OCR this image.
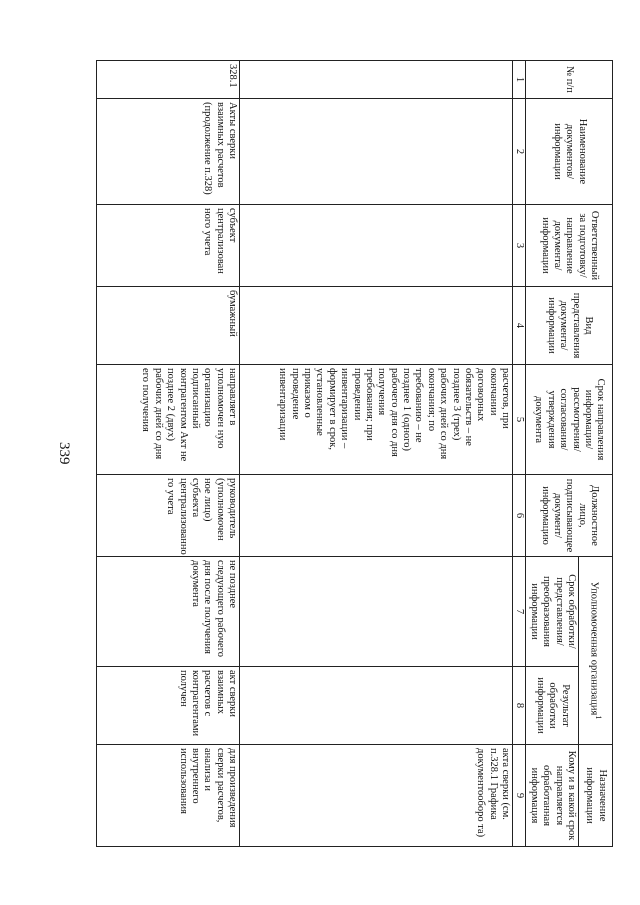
339
№ п/п	Наименование документов/ информации	Ответственный за подготовку/ направление документа/ информации	Вид представления документа/ информации	Срок направления информации/ рассмотрения/ согласования/ утверждения документа	Должностное лицо, подписывающее документ/ информацию	Уполномоченная организация$^1$		Назначение информации
						Срок обработки/ представления/ преобразования информации	Результат обработки информации	Кому и в какой срок направляется обработанная информация
1	2	3	4	5	6	7	8	9
				расчетов, при окончании договорных обязательств – не позднее 3 (трех) рабочих дней со дня окончания; по требованию – не позднее 1 (одного) рабочего дня со дня получения требования; при проведении инвентаризации – формирует в срок, установленные приказом о проведение инвентаризации				акта сверки (см. п.328.1 Графика документооборо та)
328.1	Акты сверки взаимных расчетов (продолжение п.328)	субъект централизован ного учета	бумажный	направляет в уполномочен ную организацию подписанный контрагентом Акт не позднее 2 (двух) рабочих дней со дня его получения	руководитель (уполномочен ное лицо) субъекта централизованно го учета	не позднее следующего рабочего дня после получения документа	акт сверки взаимных расчетов с контрагентами получен	для произведения сверки расчетов, анализа и внутреннего использования
